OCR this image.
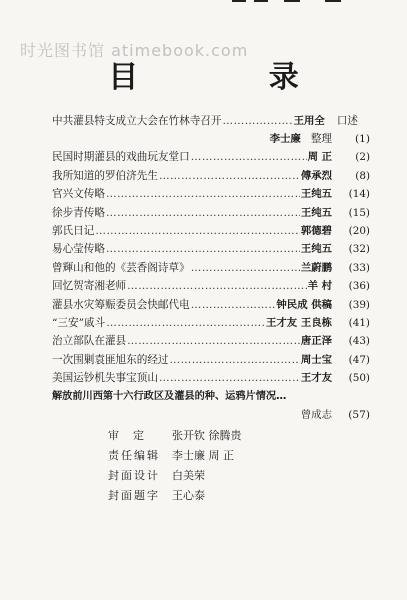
时光图书馆 atimebook.com
目 录
中共灌县特支成立大会在竹林寺召开 ……………………………………………………………………………………………………………	王用全 口述
李士廉 整理	(1)
民国时期灌县的戏曲玩友堂口 ……………………………………………………………………………………………………………	周 正	(2)
我所知道的罗伯济先生 ……………………………………………………………………………………………………………	傅承烈	(8)
官兴文传略 ……………………………………………………………………………………………………………	王纯五	(14)
徐步青传略 ……………………………………………………………………………………………………………	王纯五	(15)
郭氏日记 ……………………………………………………………………………………………………………	郭德碧	(20)
易心莹传略 ……………………………………………………………………………………………………………	王纯五	(32)
曾輝山和他的《芸香阁诗草》 ……………………………………………………………………………………………………………	兰蔚鹏	(33)
回忆贺寄湘老师 ……………………………………………………………………………………………………………	羊 村	(36)
灌县水灾筹赈委员会快邮代电 ……………………………………………………………………………………………………………	钟民成 供稿	(39)
“三安”戚斗 ……………………………………………………………………………………………………………	王才友 王良栋	(41)
治立部队在灌县 ……………………………………………………………………………………………………………	唐正泽	(43)
一次围剿袁匪旭东的经过 ……………………………………………………………………………………………………………	周士宝	(47)
美国运钞机失事宝顶山 ……………………………………………………………………………………………………………	王才友	(50)
解放前川西第十六行政区及灌县的种、运鸦片情况…
曾成志	(57)
审定	张开钦 徐腾贵
责任编辑	李士廉 周 正
封面设计	白美荣
封面题字	王心泰
